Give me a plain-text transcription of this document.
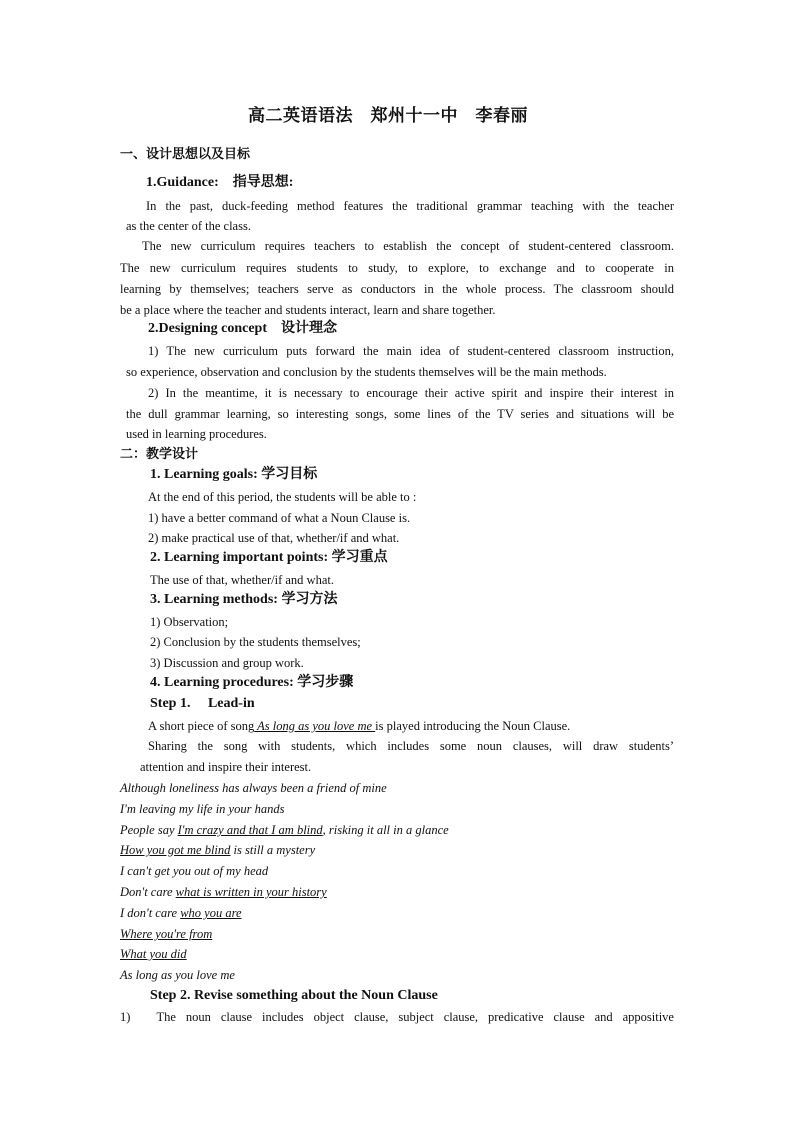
高二英语语法　郑州十一中　李春丽
一、设计思想以及目标
1.Guidance:　指导思想:
In the past, duck-feeding method features the traditional grammar teaching with the teacher
as the center of the class.
The new curriculum requires teachers to establish the concept of student-centered classroom.
The new curriculum requires students to study, to explore, to exchange and to cooperate in
learning by themselves; teachers serve as conductors in the whole process. The classroom should
be a place where the teacher and students interact, learn and share together.
2.Designing concept　设计理念
1) The new curriculum puts forward the main idea of student-centered classroom instruction,
so experience, observation and conclusion by the students themselves will be the main methods.
2) In the meantime, it is necessary to encourage their active spirit and inspire their interest in
the dull grammar learning, so interesting songs, some lines of the TV series and situations will be
used in learning procedures.
二：教学设计
1. Learning goals: 学习目标
At the end of this period, the students will be able to :
1) have a better command of what a Noun Clause is.
2) make practical use of that, whether/if and what.
2. Learning important points: 学习重点
The use of that, whether/if and what.
3. Learning methods: 学习方法
1) Observation;
2) Conclusion by the students themselves;
3) Discussion and group work.
4. Learning procedures: 学习步骤
Step 1.　 Lead-in
A short piece of song As long as you love me is played introducing the Noun Clause.
Sharing the song with students, which includes some noun clauses, will draw students’
attention and inspire their interest.
Although loneliness has always been a friend of mine
I'm leaving my life in your hands
People say I'm crazy and that I am blind, risking it all in a glance
How you got me blind is still a mystery
I can't get you out of my head
Don't care what is written in your history
I don't care who you are
Where you're from
What you did
As long as you love me
Step 2. Revise something about the Noun Clause
1)　The noun clause includes object clause, subject clause, predicative clause and appositive
